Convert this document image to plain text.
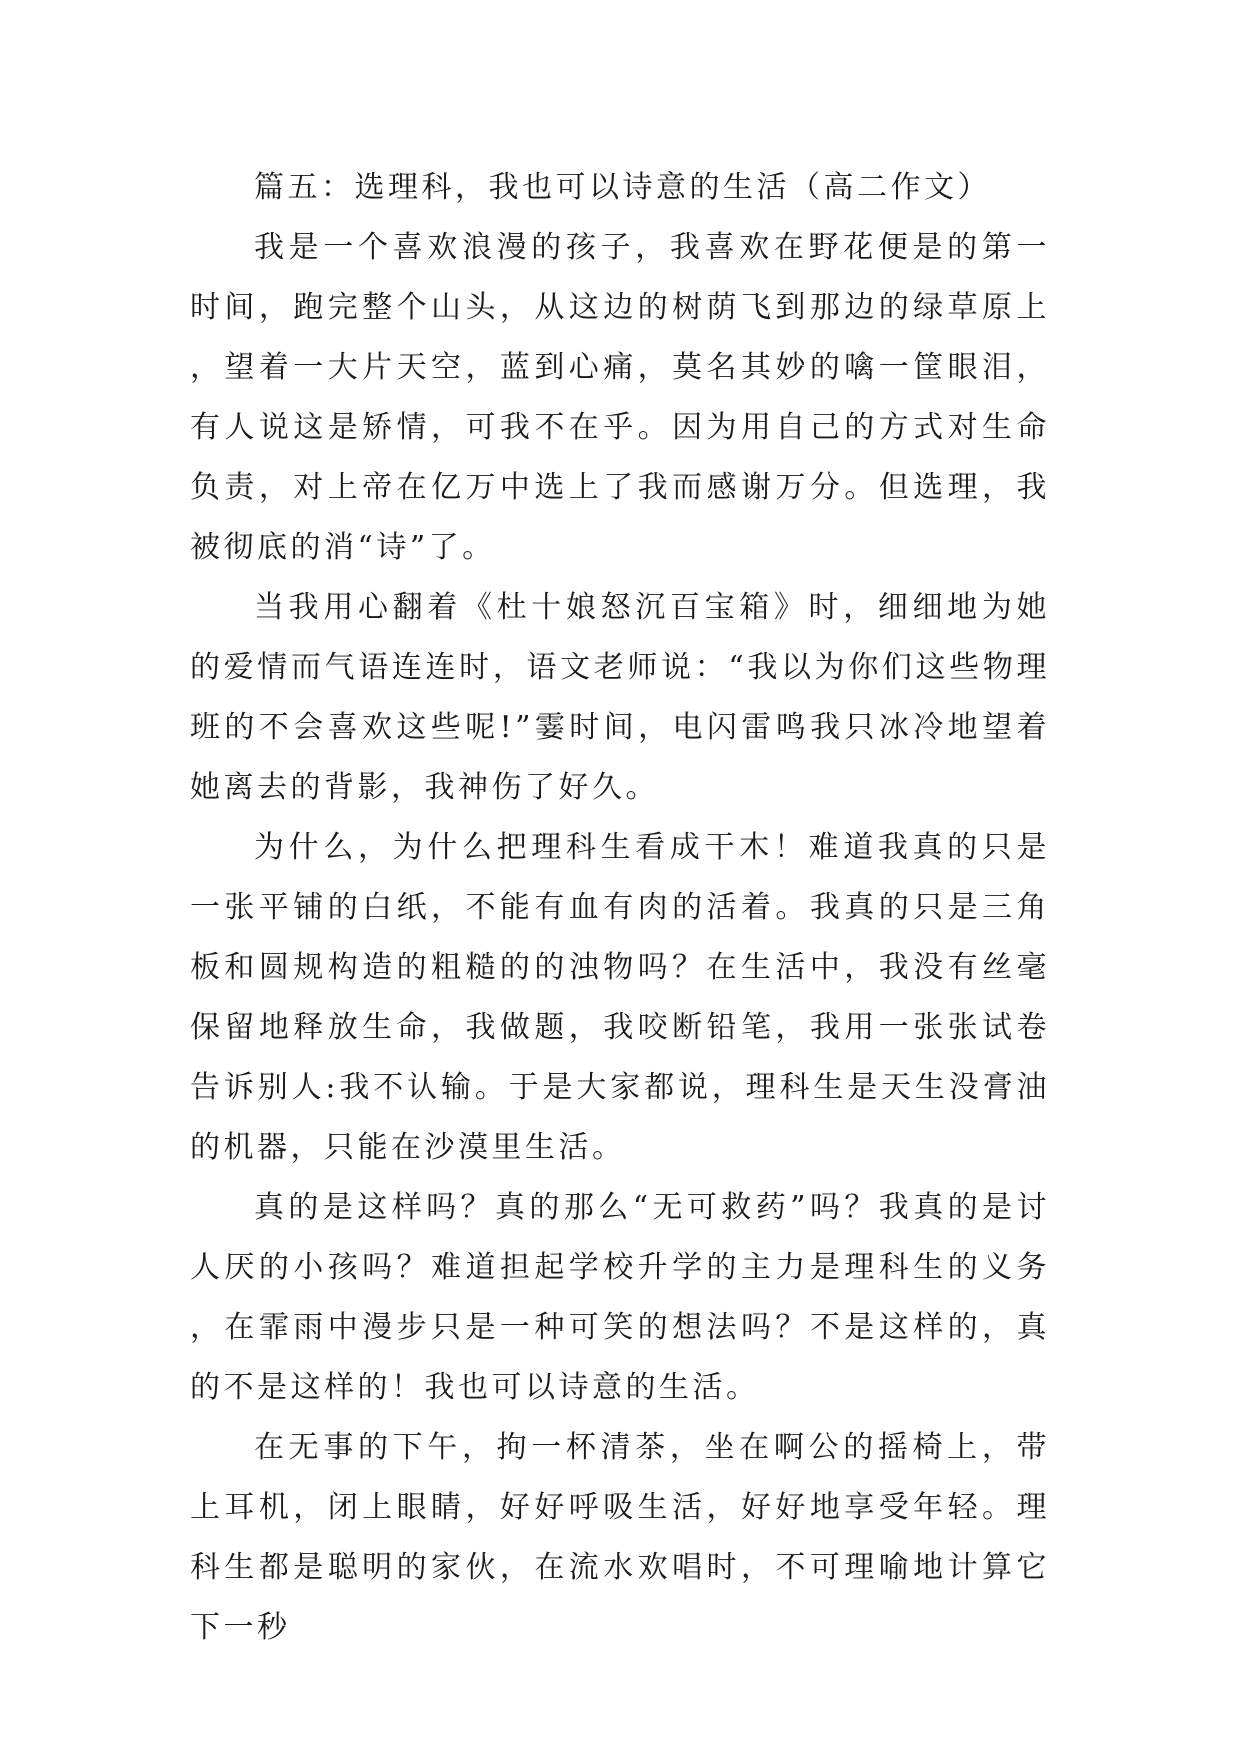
篇五：选理科，我也可以诗意的生活（高二作文）

我是一个喜欢浪漫的孩子，我喜欢在野花便是的第一时间，跑完整个山头，从这边的树荫飞到那边的绿草原上，望着一大片天空，蓝到心痛，莫名其妙的噙一筐眼泪，有人说这是矫情，可我不在乎。因为用自己的方式对生命负责，对上帝在亿万中选上了我而感谢万分。但选理，我被彻底的消“诗”了。

当我用心翻着《杜十娘怒沉百宝箱》时，细细地为她的爱情而气语连连时，语文老师说：“我以为你们这些物理班的不会喜欢这些呢!”霎时间，电闪雷鸣我只冰冷地望着她离去的背影，我神伤了好久。

为什么，为什么把理科生看成干木！难道我真的只是一张平铺的白纸，不能有血有肉的活着。我真的只是三角板和圆规构造的粗糙的的浊物吗？在生活中，我没有丝毫保留地释放生命，我做题，我咬断铅笔，我用一张张试卷告诉别人:我不认输。于是大家都说，理科生是天生没膏油的机器，只能在沙漠里生活。

真的是这样吗？真的那么“无可救药”吗？我真的是讨人厌的小孩吗？难道担起学校升学的主力是理科生的义务，在霏雨中漫步只是一种可笑的想法吗？不是这样的，真的不是这样的！我也可以诗意的生活。

在无事的下午，拘一杯清茶，坐在啊公的摇椅上，带上耳机，闭上眼睛，好好呼吸生活，好好地享受年轻。理科生都是聪明的家伙，在流水欢唱时，不可理喻地计算它下一秒
